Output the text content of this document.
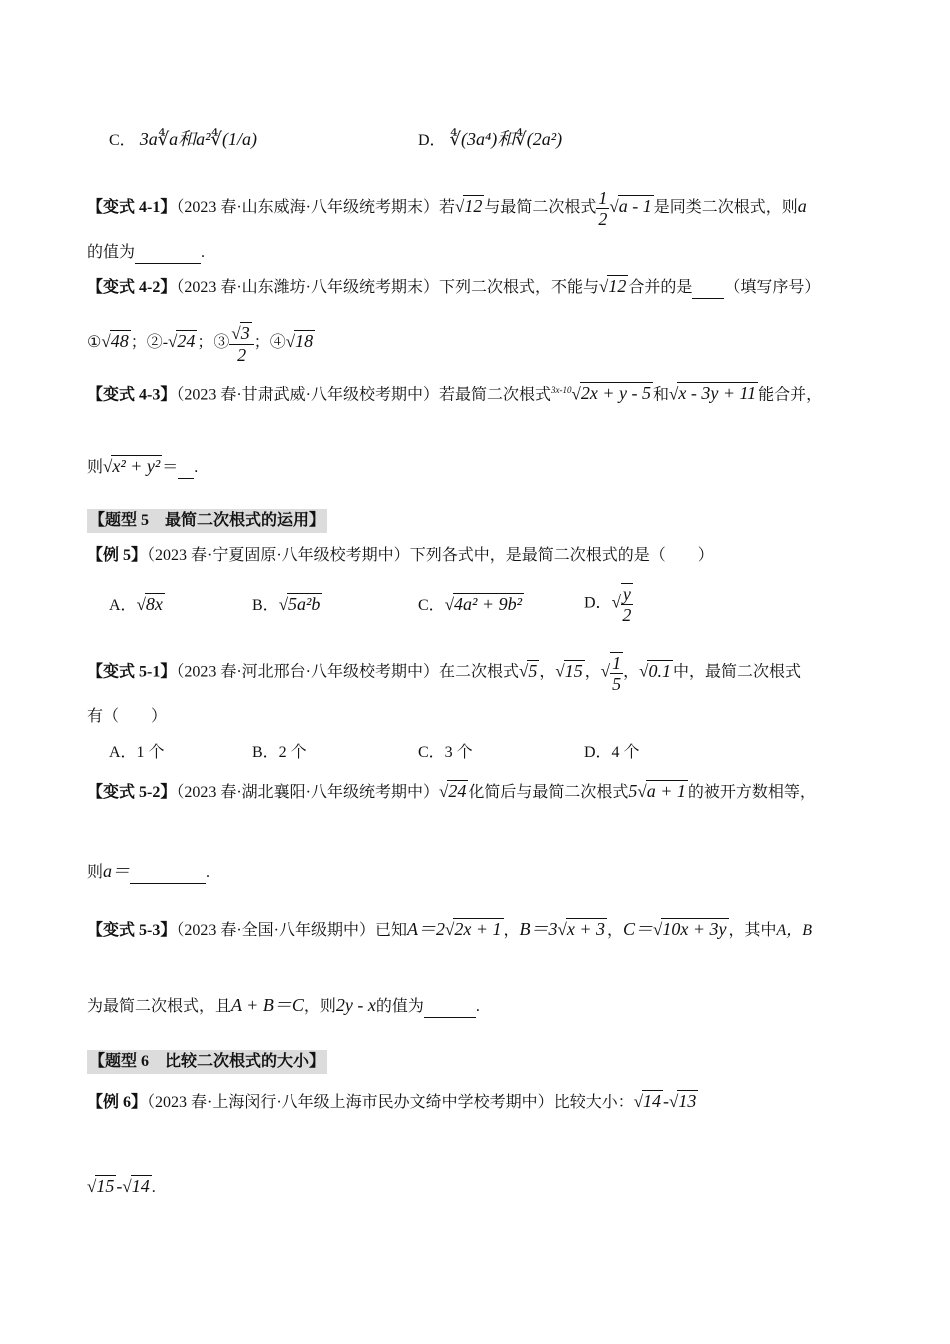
C． 3a∜a和a²∜(1/a)	D． ∜(3a⁴)和∜(2a²)
【变式 4-1】（2023 春·山东威海·八年级统考期末）若√12 与最简二次根式 $\frac{1}{2} √a - 1$ 是同类二次根式，则a
的值为	.
【变式 4-2】（2023 春·山东潍坊·八年级统考期末）下列二次根式，不能与√12 合并的是 （填写序号）
①√48 ；②-√24 ；③ $\frac{√3}{2}$ ；④√18
【变式 4-3】（2023 春·甘肃武威·八年级校考期中）若最简二次根式$^{3x-10}$√2x + y - 5 和√x - 3y + 11 能合并，
则√x² + y² ＝ .
【题型 5　最简二次根式的运用】
【例 5】（2023 春·宁夏固原·八年级校考期中）下列各式中，是最简二次根式的是（　　）
A．√8x	B．√5a²b	C．√4a² + 9b²	D．√ $\frac{y}{2}$
【变式 5-1】（2023 春·河北邢台·八年级校考期中）在二次根式√5 ，√15 ，√ $\frac{1}{5}$ ，√0.1 中，最简二次根式
有（　　）
A．1 个	B．2 个	C．3 个	D．4 个
【变式 5-2】（2023 春·湖北襄阳·八年级统考期中）√24 化简后与最简二次根式5√a + 1 的被开方数相等，
则a＝	.
【变式 5-3】（2023 春·全国·八年级期中）已知A＝2√2x + 1 ，B＝3√x + 3 ，C＝√10x + 3y ，其中A，B
为最简二次根式，且A + B＝C，则2y - x的值为	.
【题型 6　比较二次根式的大小】
【例 6】（2023 春·上海闵行·八年级上海市民办文绮中学校考期中）比较大小：√14 -√13
√15 -√14 .
